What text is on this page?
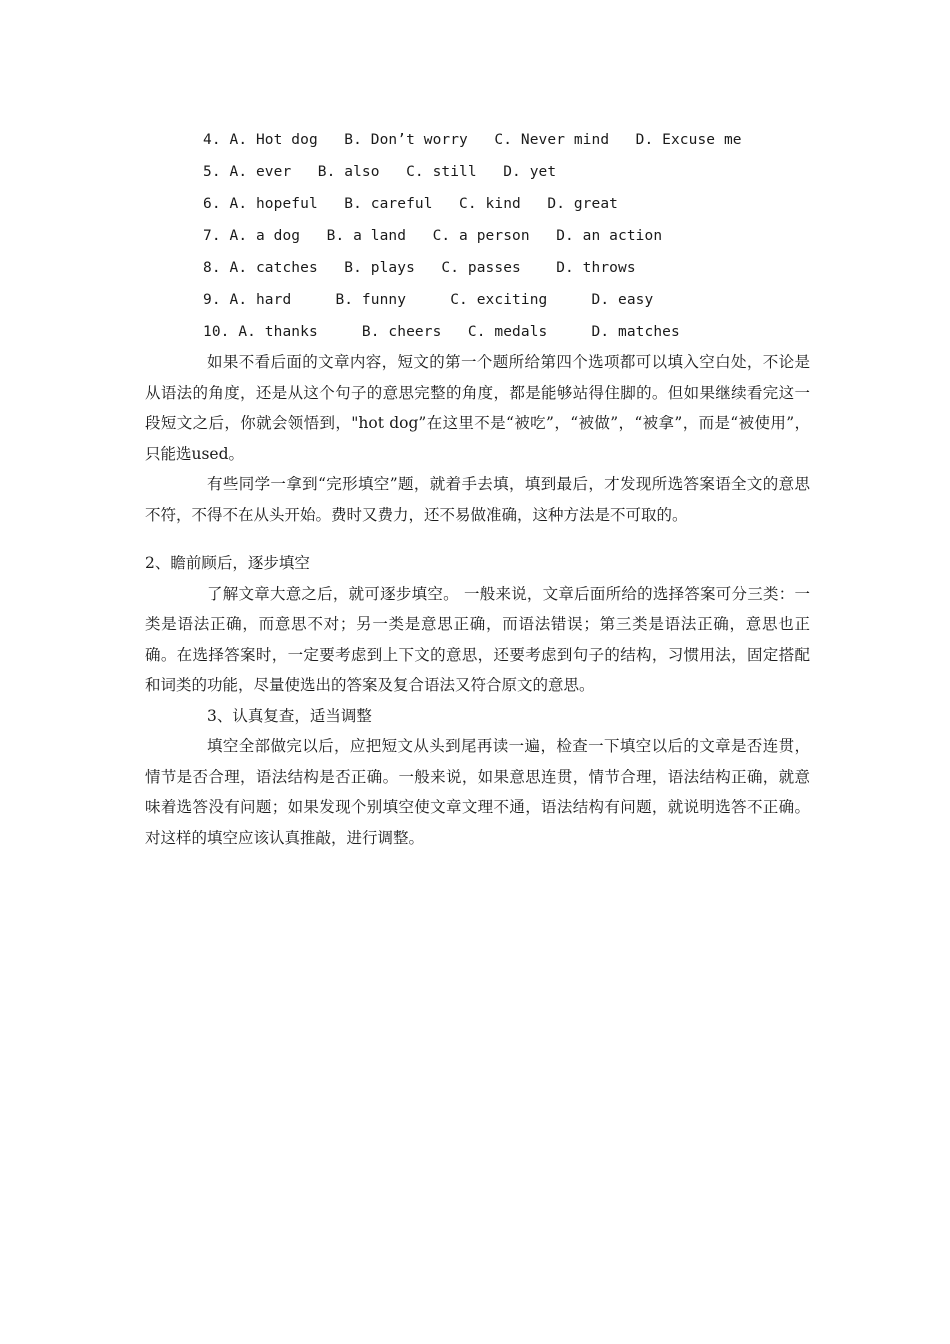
4. A. Hot dog   B. Don’t worry   C. Never mind   D. Excuse me
5. A. ever   B. also   C. still   D. yet
6. A. hopeful   B. careful   C. kind   D. great
7. A. a dog   B. a land   C. a person   D. an action
8. A. catches   B. plays   C. passes    D. throws
9. A. hard     B. funny     C. exciting     D. easy
10. A. thanks     B. cheers   C. medals     D. matches

如果不看后面的文章内容，短文的第一个题所给第四个选项都可以填入空白处，不论是从语法的角度，还是从这个句子的意思完整的角度，都是能够站得住脚的。但如果继续看完这一段短文之后，你就会领悟到，"hot dog”在这里不是“被吃”，“被做”，“被拿”，而是“被使用”，只能选used。

有些同学一拿到“完形填空”题，就着手去填，填到最后，才发现所选答案语全文的意思不符，不得不在从头开始。费时又费力，还不易做准确，这种方法是不可取的。

2、瞻前顾后，逐步填空

了解文章大意之后，就可逐步填空。 一般来说，文章后面所给的选择答案可分三类：一类是语法正确，而意思不对；另一类是意思正确，而语法错误；第三类是语法正确，意思也正确。在选择答案时，一定要考虑到上下文的意思，还要考虑到句子的结构，习惯用法，固定搭配和词类的功能，尽量使选出的答案及复合语法又符合原文的意思。

3、认真复查，适当调整

填空全部做完以后，应把短文从头到尾再读一遍，检查一下填空以后的文章是否连贯，情节是否合理，语法结构是否正确。一般来说，如果意思连贯，情节合理，语法结构正确，就意味着选答没有问题；如果发现个别填空使文章文理不通，语法结构有问题，就说明选答不正确。对这样的填空应该认真推敲，进行调整。
